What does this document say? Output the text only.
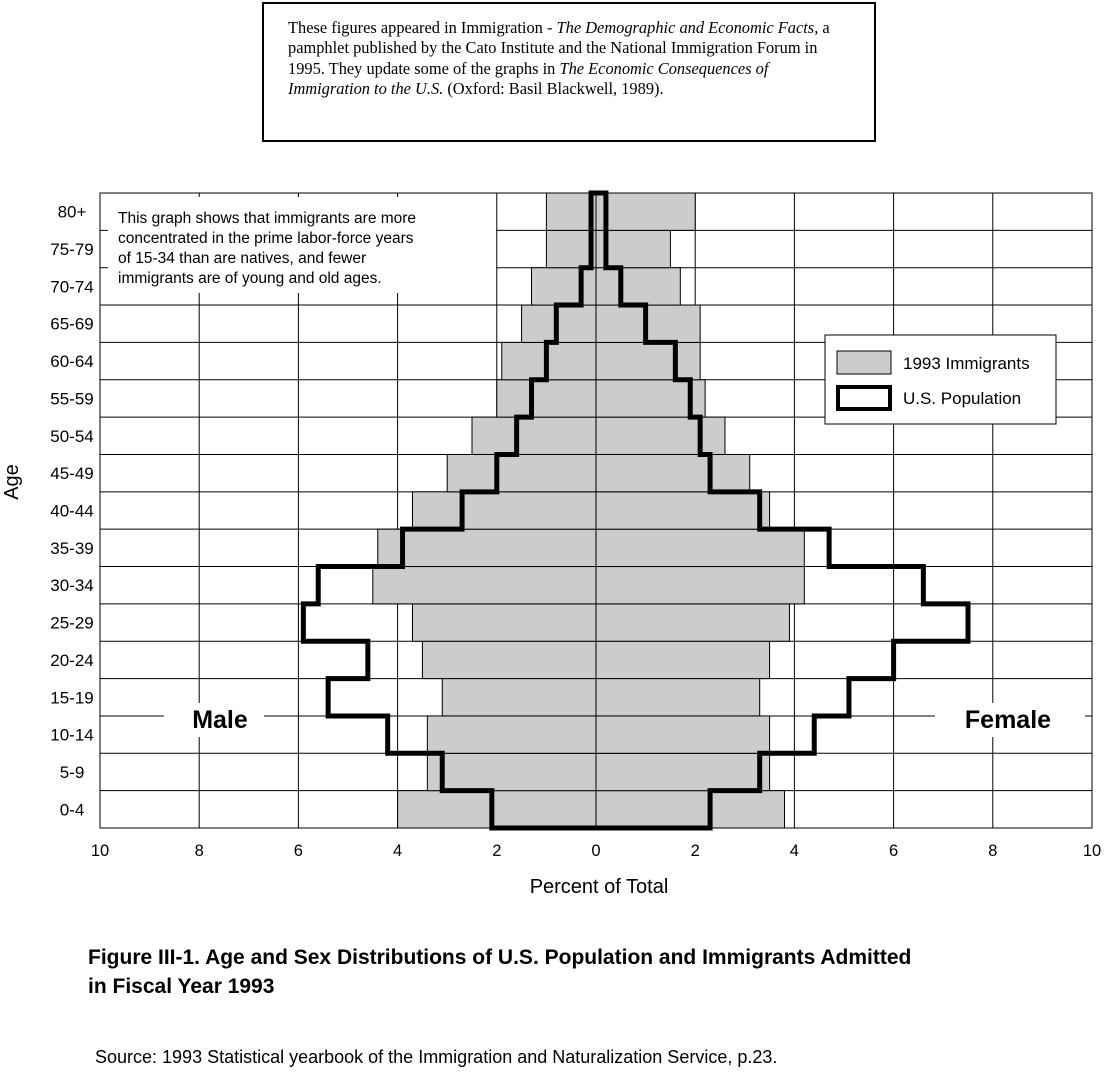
These figures appeared in Immigration - The Demographic and Economic Facts, a pamphlet published by the Cato Institute and the National Immigration Forum in 1995. They update some of the graphs in The Economic Consequences of Immigration to the U.S. (Oxford: Basil Blackwell, 1989).
This graph shows that immigrants are more
concentrated in the prime labor-force years
of 15-34 than are natives, and fewer
immigrants are of young and old ages.
1993 Immigrants
U.S. Population
Male	Female
0-4
5-9
10-14
15-19
20-24
25-29
30-34
35-39
40-44
45-49
50-54
55-59
60-64
65-69
70-74
75-79
80+
10	8	6	4	2	0	2	4	6	8	10
Percent of Total
Age
Figure III-1. Age and Sex Distributions of U.S. Population and Immigrants Admitted
in Fiscal Year 1993
Source: 1993 Statistical yearbook of the Immigration and Naturalization Service, p.23.
